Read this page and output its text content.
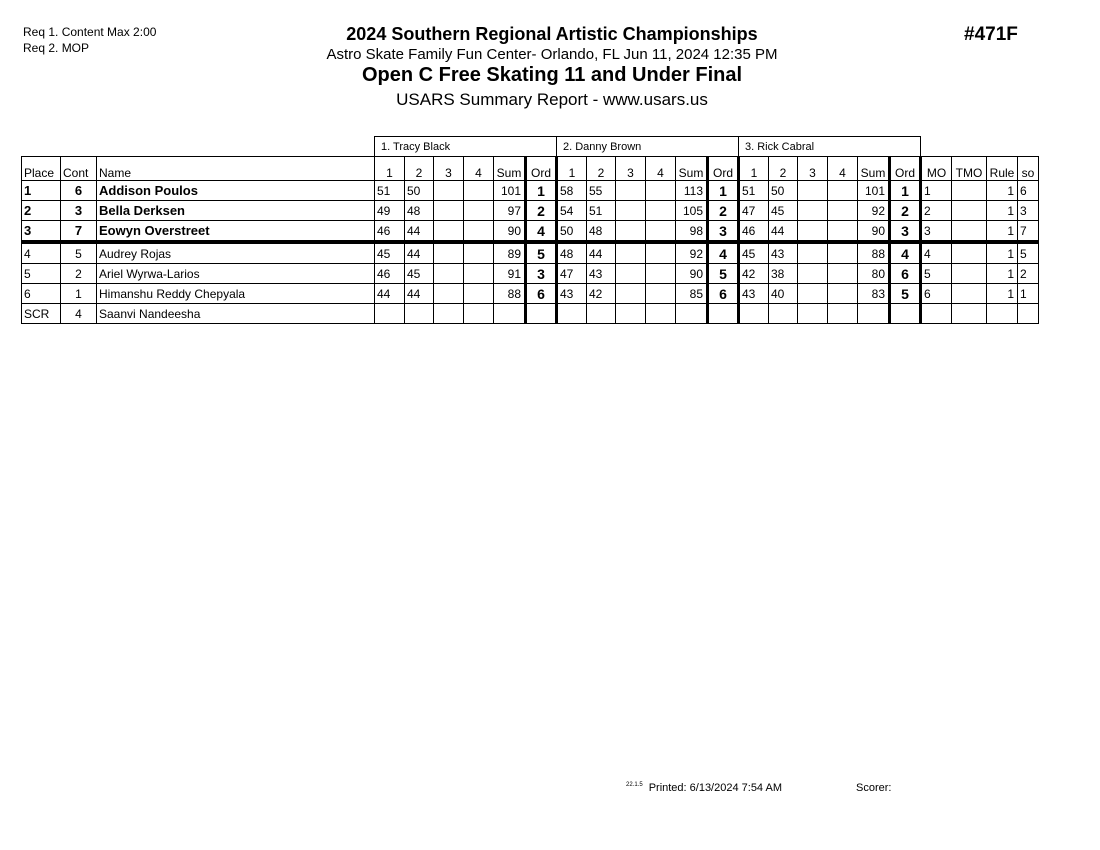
Req 1. Content Max 2:00
Req 2. MOP
2024 Southern Regional Artistic Championships
Astro Skate Family Fun Center- Orlando, FL Jun 11, 2024 12:35 PM
Open C Free Skating 11 and Under Final
USARS Summary Report - www.usars.us
#471F
			1. Tracy Black						2. Danny Brown						3. Rick Cabral									
Place	Cont	Name	1	2	3	4	Sum	Ord	1	2	3	4	Sum	Ord	1	2	3	4	Sum	Ord	MO	TMO	Rule	so
1	6	Addison Poulos	51	50			101	1	58	55			113	1	51	50			101	1	1		1	6
2	3	Bella Derksen	49	48			97	2	54	51			105	2	47	45			92	2	2		1	3
3	7	Eowyn Overstreet	46	44			90	4	50	48			98	3	46	44			90	3	3		1	7
4	5	Audrey Rojas	45	44			89	5	48	44			92	4	45	43			88	4	4		1	5
5	2	Ariel Wyrwa-Larios	46	45			91	3	47	43			90	5	42	38			80	6	5		1	2
6	1	Himanshu Reddy Chepyala	44	44			88	6	43	42			85	6	43	40			83	5	6		1	1
SCR	4	Saanvi Nandeesha																						
$^{22.1.5}$ Printed: 6/13/2024 7:54 AM	Scorer:
